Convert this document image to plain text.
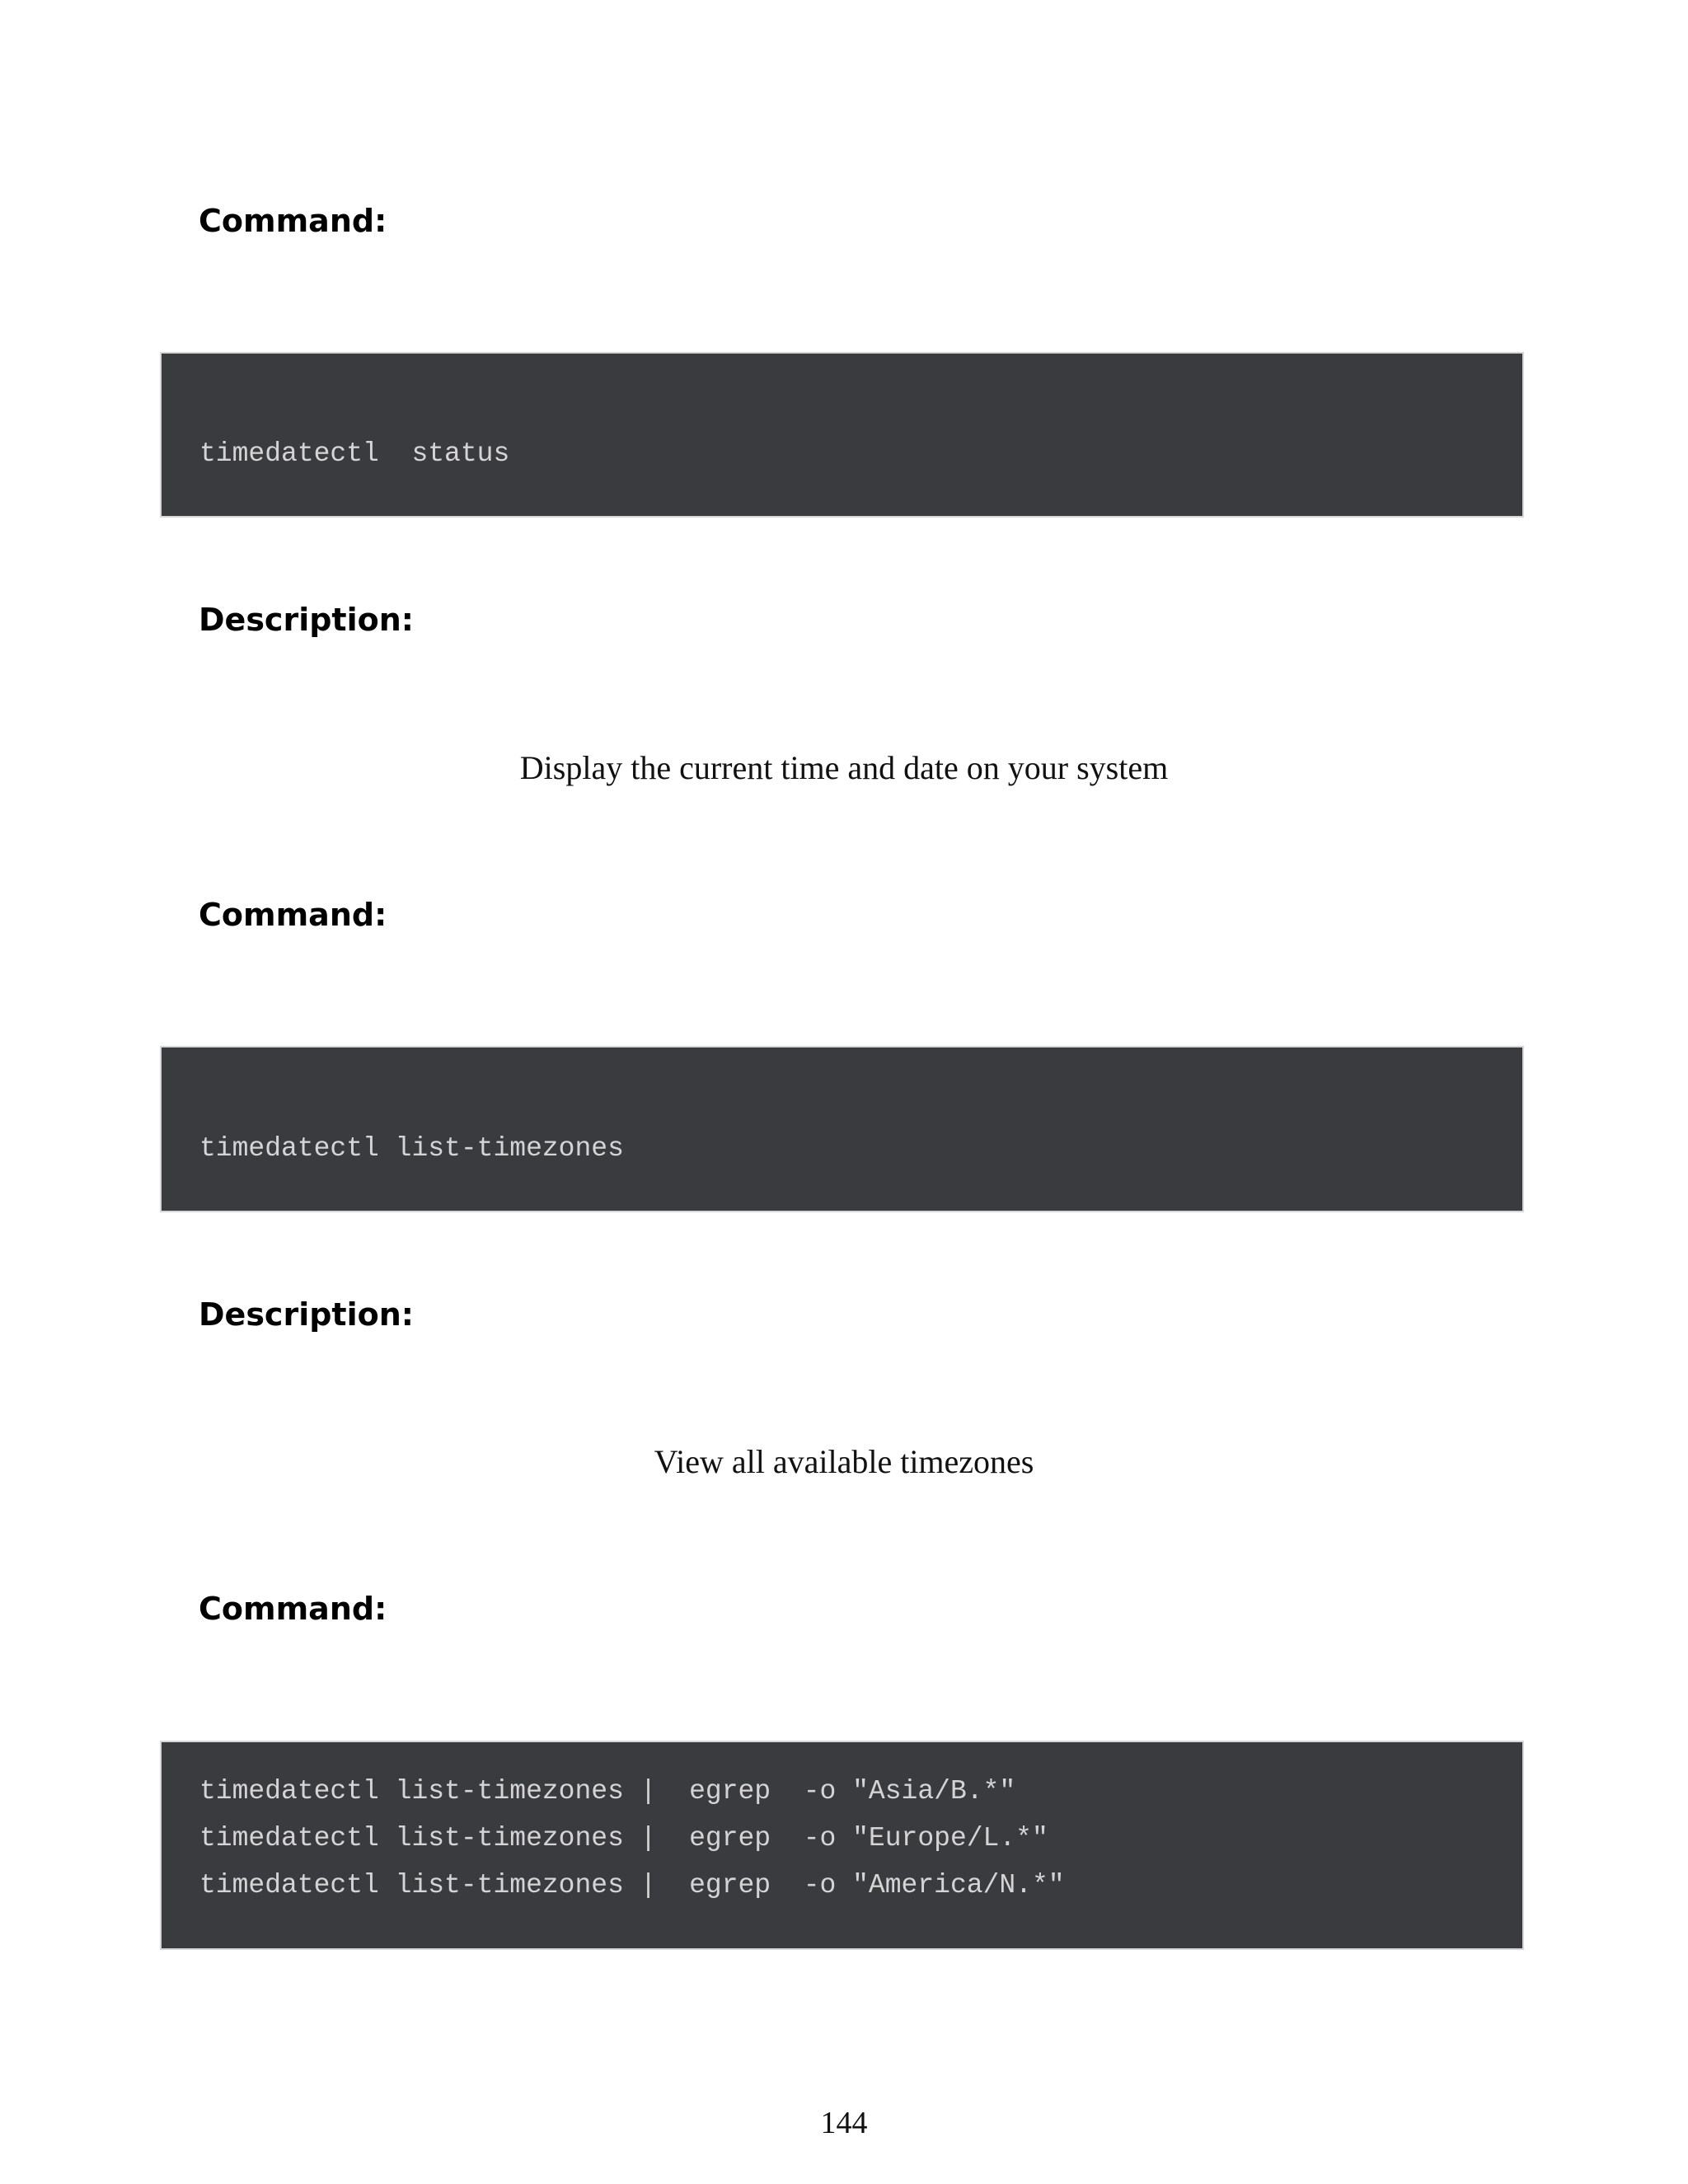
Command:
timedatectl  status
Description:

Display the current time and date on your system

Command:
timedatectl list-timezones
Description:

View all available timezones

Command:
timedatectl list-timezones |  egrep  -o "Asia/B.*"
timedatectl list-timezones |  egrep  -o "Europe/L.*"
timedatectl list-timezones |  egrep  -o "America/N.*"
144
